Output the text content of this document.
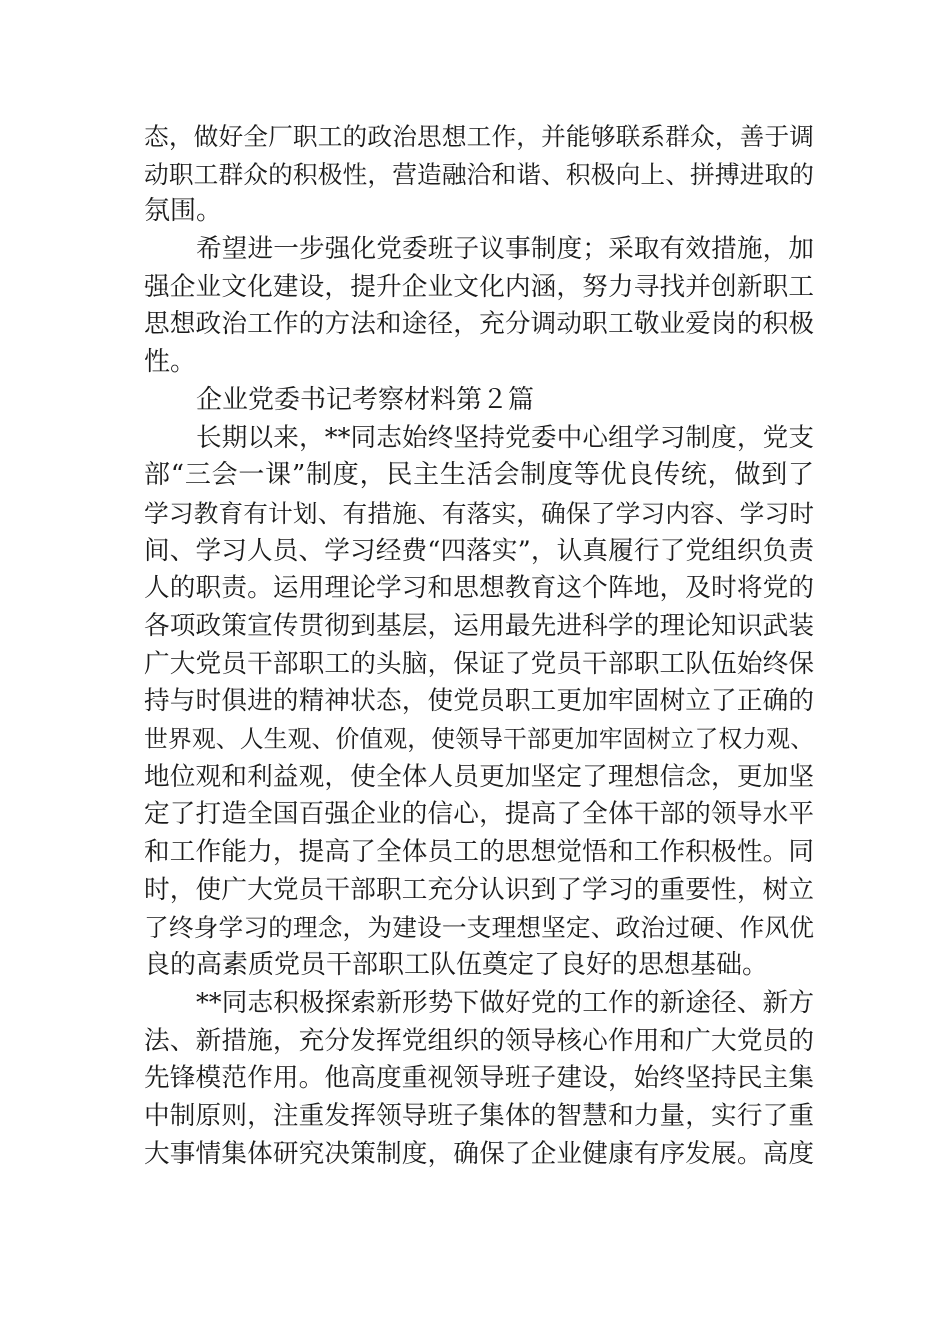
态，做好全厂职工的政治思想工作，并能够联系群众，善于调
动职工群众的积极性，营造融洽和谐、积极向上、拼搏进取的
氛围。
希望进一步强化党委班子议事制度；采取有效措施，加
强企业文化建设，提升企业文化内涵，努力寻找并创新职工
思想政治工作的方法和途径，充分调动职工敬业爱岗的积极
性。
企业党委书记考察材料第２篇
长期以来，**同志始终坚持党委中心组学习制度，党支
部“三会一课”制度，民主生活会制度等优良传统，做到了
学习教育有计划、有措施、有落实，确保了学习内容、学习时
间、学习人员、学习经费“四落实”，认真履行了党组织负责
人的职责。运用理论学习和思想教育这个阵地，及时将党的
各项政策宣传贯彻到基层，运用最先进科学的理论知识武装
广大党员干部职工的头脑，保证了党员干部职工队伍始终保
持与时俱进的精神状态，使党员职工更加牢固树立了正确的
世界观、人生观、价值观，使领导干部更加牢固树立了权力观、
地位观和利益观，使全体人员更加坚定了理想信念，更加坚
定了打造全国百强企业的信心，提高了全体干部的领导水平
和工作能力，提高了全体员工的思想觉悟和工作积极性。同
时，使广大党员干部职工充分认识到了学习的重要性，树立
了终身学习的理念，为建设一支理想坚定、政治过硬、作风优
良的高素质党员干部职工队伍奠定了良好的思想基础。
**同志积极探索新形势下做好党的工作的新途径、新方
法、新措施，充分发挥党组织的领导核心作用和广大党员的
先锋模范作用。他高度重视领导班子建设，始终坚持民主集
中制原则，注重发挥领导班子集体的智慧和力量，实行了重
大事情集体研究决策制度，确保了企业健康有序发展。高度
